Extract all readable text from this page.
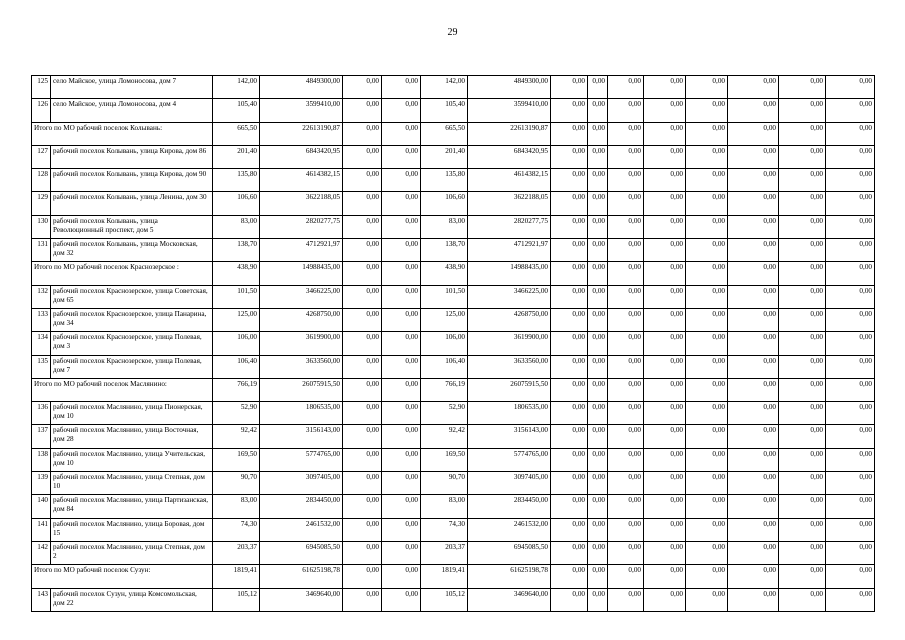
29
125	село Майское, улица Ломоносова, дом 7	142,00	4849300,00	0,00	0,00	142,00	4849300,00	0,00	0,00	0,00	0,00	0,00	0,00	0,00	0,00
126	село Майское, улица Ломоносова, дом 4	105,40	3599410,00	0,00	0,00	105,40	3599410,00	0,00	0,00	0,00	0,00	0,00	0,00	0,00	0,00
Итого по МО рабочий поселок Колывань:		665,50	22613190,87	0,00	0,00	665,50	22613190,87	0,00	0,00	0,00	0,00	0,00	0,00	0,00	0,00
127	рабочий поселок Колывань, улица Кирова, дом 86	201,40	6843420,95	0,00	0,00	201,40	6843420,95	0,00	0,00	0,00	0,00	0,00	0,00	0,00	0,00
128	рабочий поселок Колывань, улица Кирова, дом 90	135,80	4614382,15	0,00	0,00	135,80	4614382,15	0,00	0,00	0,00	0,00	0,00	0,00	0,00	0,00
129	рабочий поселок Колывань, улица Ленина, дом 30	106,60	3622188,05	0,00	0,00	106,60	3622188,05	0,00	0,00	0,00	0,00	0,00	0,00	0,00	0,00
130	рабочий поселок Колывань, улица Революционный проспект, дом 5	83,00	2820277,75	0,00	0,00	83,00	2820277,75	0,00	0,00	0,00	0,00	0,00	0,00	0,00	0,00
131	рабочий поселок Колывань, улица Московская, дом 32	138,70	4712921,97	0,00	0,00	138,70	4712921,97	0,00	0,00	0,00	0,00	0,00	0,00	0,00	0,00
Итого по МО рабочий поселок Краснозерское :		438,90	14988435,00	0,00	0,00	438,90	14988435,00	0,00	0,00	0,00	0,00	0,00	0,00	0,00	0,00
132	рабочий поселок Краснозерское, улица Советская, дом 65	101,50	3466225,00	0,00	0,00	101,50	3466225,00	0,00	0,00	0,00	0,00	0,00	0,00	0,00	0,00
133	рабочий поселок Краснозерское, улица Панарина, дом 34	125,00	4268750,00	0,00	0,00	125,00	4268750,00	0,00	0,00	0,00	0,00	0,00	0,00	0,00	0,00
134	рабочий поселок Краснозерское, улица Полевая, дом 3	106,00	3619900,00	0,00	0,00	106,00	3619900,00	0,00	0,00	0,00	0,00	0,00	0,00	0,00	0,00
135	рабочий поселок Краснозерское, улица Полевая, дом 7	106,40	3633560,00	0,00	0,00	106,40	3633560,00	0,00	0,00	0,00	0,00	0,00	0,00	0,00	0,00
Итого по МО рабочий поселок Маслянино:		766,19	26075915,50	0,00	0,00	766,19	26075915,50	0,00	0,00	0,00	0,00	0,00	0,00	0,00	0,00
136	рабочий поселок Маслянино, улица Пионерская, дом 10	52,90	1806535,00	0,00	0,00	52,90	1806535,00	0,00	0,00	0,00	0,00	0,00	0,00	0,00	0,00
137	рабочий поселок Маслянино, улица Восточная, дом 28	92,42	3156143,00	0,00	0,00	92,42	3156143,00	0,00	0,00	0,00	0,00	0,00	0,00	0,00	0,00
138	рабочий поселок Маслянино, улица Учительская, дом 10	169,50	5774765,00	0,00	0,00	169,50	5774765,00	0,00	0,00	0,00	0,00	0,00	0,00	0,00	0,00
139	рабочий поселок Маслянино, улица Степная, дом 10	90,70	3097405,00	0,00	0,00	90,70	3097405,00	0,00	0,00	0,00	0,00	0,00	0,00	0,00	0,00
140	рабочий поселок Маслянино, улица Партизанская, дом 84	83,00	2834450,00	0,00	0,00	83,00	2834450,00	0,00	0,00	0,00	0,00	0,00	0,00	0,00	0,00
141	рабочий поселок Маслянино, улица Боровая, дом 15	74,30	2461532,00	0,00	0,00	74,30	2461532,00	0,00	0,00	0,00	0,00	0,00	0,00	0,00	0,00
142	рабочий поселок Маслянино, улица Степная, дом 2	203,37	6945085,50	0,00	0,00	203,37	6945085,50	0,00	0,00	0,00	0,00	0,00	0,00	0,00	0,00
Итого по МО рабочий поселок Сузун:		1819,41	61625198,78	0,00	0,00	1819,41	61625198,78	0,00	0,00	0,00	0,00	0,00	0,00	0,00	0,00
143	рабочий поселок Сузун, улица Комсомольская, дом 22	105,12	3469640,00	0,00	0,00	105,12	3469640,00	0,00	0,00	0,00	0,00	0,00	0,00	0,00	0,00
